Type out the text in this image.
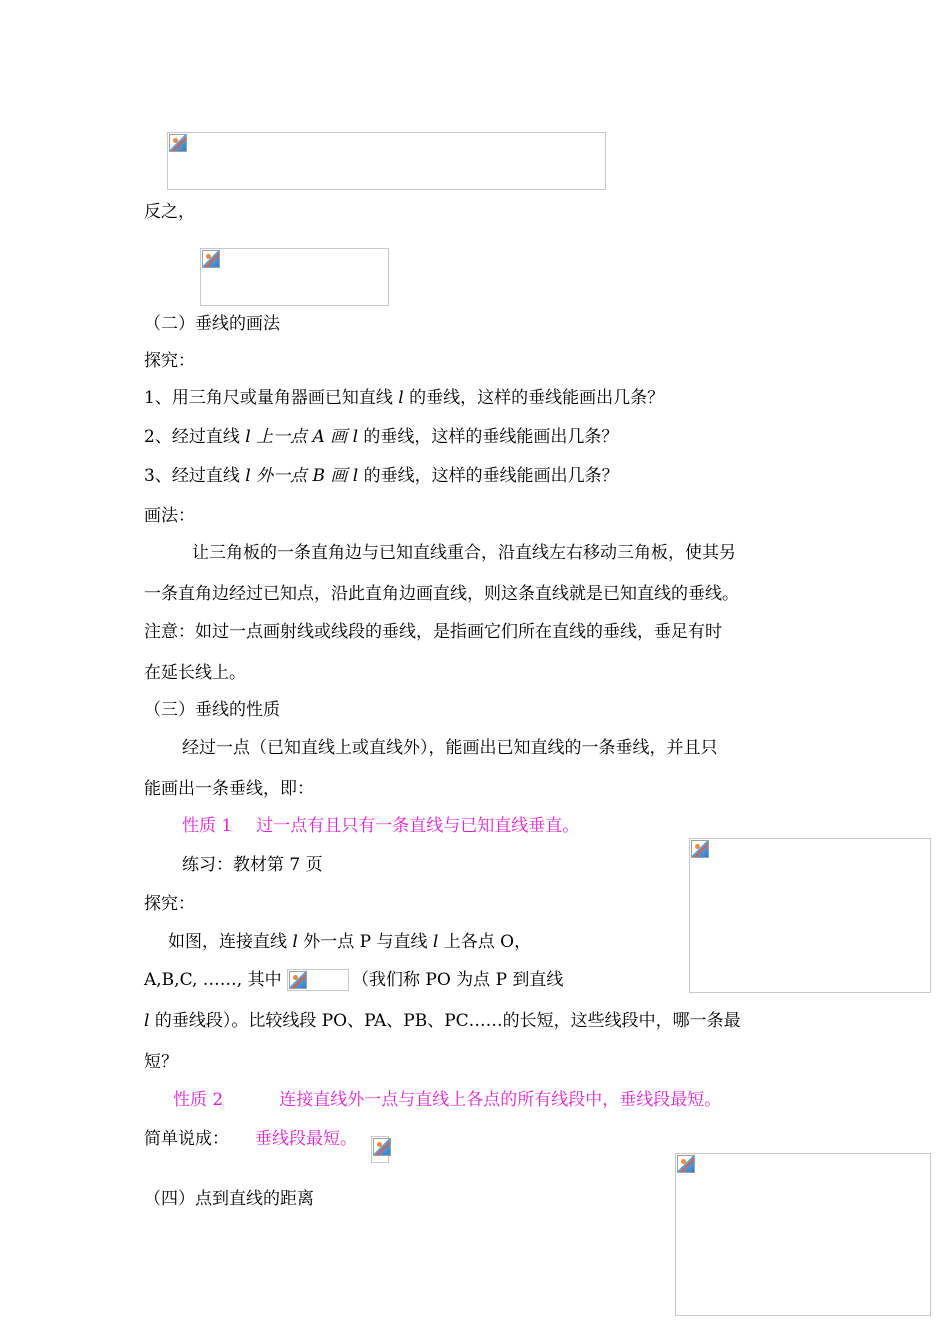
反之，
（二）垂线的画法
探究：
1、用三角尺或量角器画已知直线 l 的垂线，这样的垂线能画出几条？
2、经过直线 l 上一点 A 画 l 的垂线，这样的垂线能画出几条？
3、经过直线 l 外一点 B 画 l 的垂线，这样的垂线能画出几条？
画法：
让三角板的一条直角边与已知直线重合，沿直线左右移动三角板，使其另
一条直角边经过已知点，沿此直角边画直线，则这条直线就是已知直线的垂线。
注意：如过一点画射线或线段的垂线，是指画它们所在直线的垂线，垂足有时
在延长线上。
（三）垂线的性质
经过一点（已知直线上或直线外），能画出已知直线的一条垂线，并且只
能画出一条垂线，即：
性质 1 过一点有且只有一条直线与已知直线垂直。
练习：教材第 7 页
探究：
如图，连接直线 l 外一点 P 与直线 l 上各点 O，
A,B,C, ……, 其中	（我们称 PO 为点 P 到直线
l 的垂线段）。比较线段 PO、PA、PB、PC……的长短，这些线段中，哪一条最
短？
性质 2	连接直线外一点与直线上各点的所有线段中，垂线段最短。
简单说成： 垂线段最短。
（四）点到直线的距离
